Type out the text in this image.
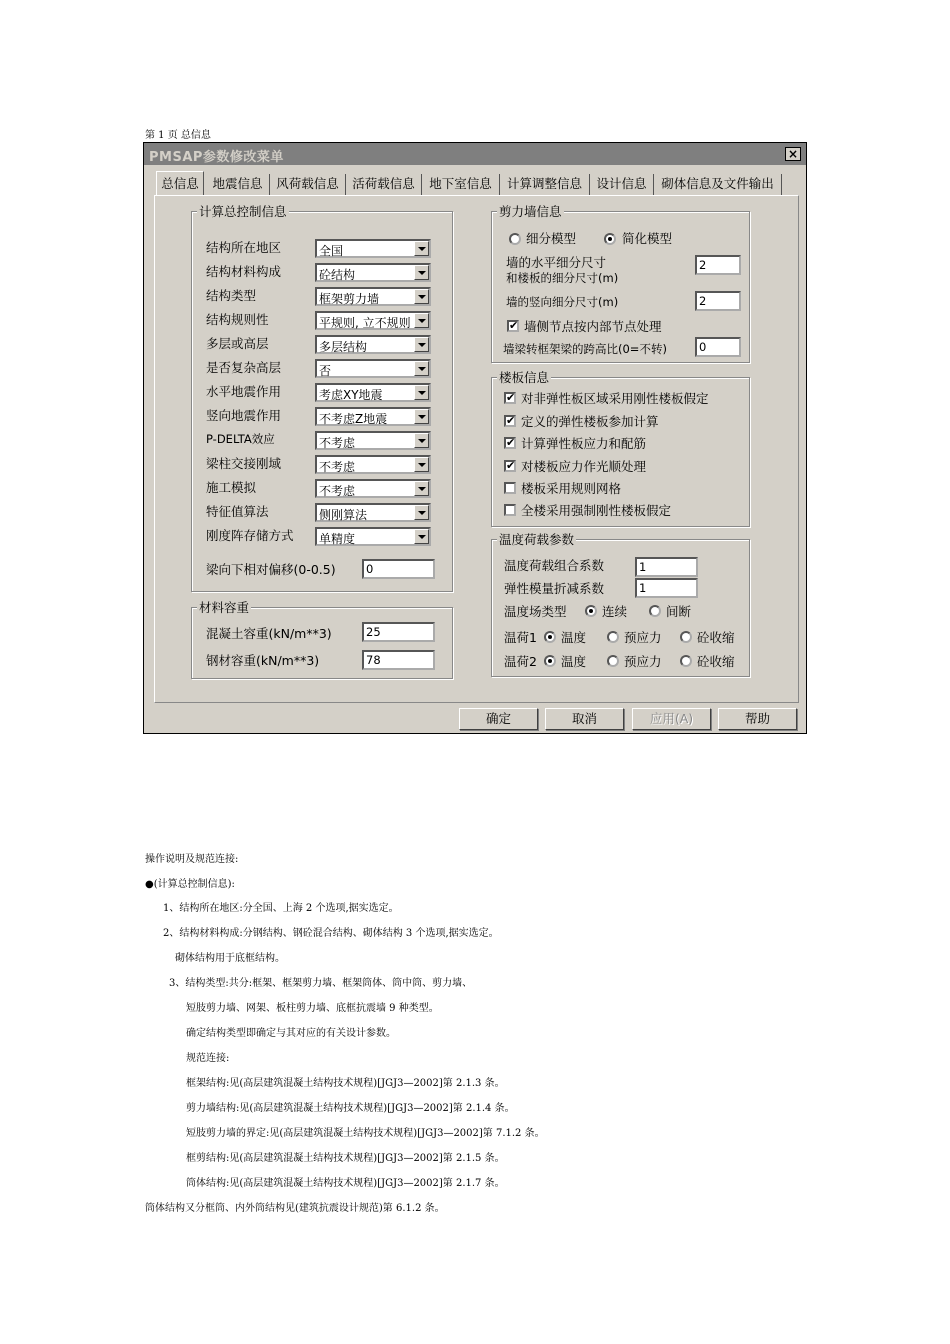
第 1 页 总信息
PMSAP参数修改菜单	×
总信息	地震信息	风荷载信息	活荷载信息	地下室信息	计算调整信息	设计信息	砌体信息及文件输出
计算总控制信息
结构所在地区	全国
结构材料构成	砼结构
结构类型	框架剪力墙
结构规则性	平规则, 立不规则
多层或高层	多层结构
是否复杂高层	否
水平地震作用	考虑XY地震
竖向地震作用	不考虑Z地震
P-DELTA效应	不考虑
梁柱交接刚域	不考虑
施工模拟	不考虑
特征值算法	侧刚算法
刚度阵存储方式 单精度
梁向下相对偏移(0-0.5)	0
材料容重
混凝土容重(kN/m**3)	25
钢材容重(kN/m**3)	78
剪力墙信息
细分模型	简化模型
墙的水平细分尺寸
和楼板的细分尺寸(m)
2
墙的竖向细分尺寸(m)	2
✔ 墙侧节点按内部节点处理
墙梁转框架梁的跨高比(0=不转)	0
楼板信息
✔ 对非弹性板区域采用刚性楼板假定
✔ 定义的弹性楼板参加计算
✔ 计算弹性板应力和配筋
✔ 对楼板应力作光顺处理
楼板采用规则网格
全楼采用强制刚性楼板假定
温度荷载参数
温度荷载组合系数	1
弹性模量折减系数	1
温度场类型	连续	间断
温荷1 温度	预应力	砼收缩
温荷2 温度	预应力	砼收缩
确定	取消	应用(A)	帮助
操作说明及规范连接:
●(计算总控制信息):
1、结构所在地区:分全国、上海 2 个选项,据实选定。
2、结构材料构成:分钢结构、钢砼混合结构、砌体结构 3 个选项,据实选定。
砌体结构用于底框结构。
3、结构类型:共分:框架、框架剪力墙、框架筒体、筒中筒、剪力墙、
短肢剪力墙、网架、板柱剪力墙、底框抗震墙 9 种类型。
确定结构类型即确定与其对应的有关设计参数。
规范连接:
框架结构:见(高层建筑混凝土结构技术规程)[JGJ3—2002]第 2.1.3 条。
剪力墙结构:见(高层建筑混凝土结构技术规程)[JGJ3—2002]第 2.1.4 条。
短肢剪力墙的界定:见(高层建筑混凝土结构技术规程)[JGJ3—2002]第 7.1.2 条。
框剪结构:见(高层建筑混凝土结构技术规程)[JGJ3—2002]第 2.1.5 条。
筒体结构:见(高层建筑混凝土结构技术规程)[JGJ3—2002]第 2.1.7 条。
筒体结构又分框筒、内外筒结构见(建筑抗震设计规范)第 6.1.2 条。
